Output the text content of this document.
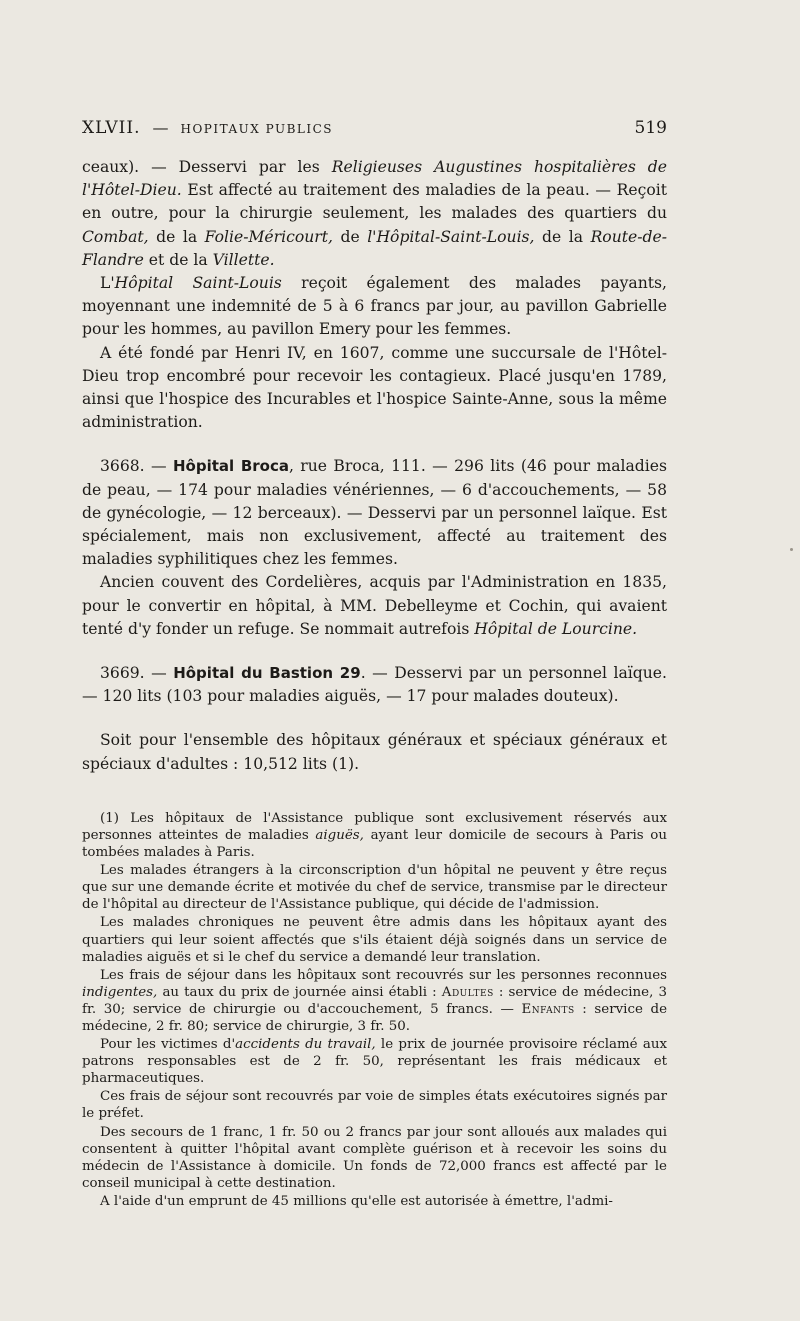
XLVII. — HOPITAUX PUBLICS	519

ceaux). — Desservi par les Religieuses Augustines hospitalières de l'Hôtel-Dieu. Est affecté au traitement des maladies de la peau. — Reçoit en outre, pour la chirurgie seulement, les malades des quartiers du Combat, de la Folie-Méricourt, de l'Hôpital-Saint-Louis, de la Route-de-Flandre et de la Villette.

L'Hôpital Saint-Louis reçoit également des malades payants, moyennant une indemnité de 5 à 6 francs par jour, au pavillon Gabrielle pour les hommes, au pavillon Emery pour les femmes.

A été fondé par Henri IV, en 1607, comme une succursale de l'Hôtel-Dieu trop encombré pour recevoir les contagieux. Placé jusqu'en 1789, ainsi que l'hospice des Incurables et l'hospice Sainte-Anne, sous la même administration.

3668. — Hôpital Broca, rue Broca, 111. — 296 lits (46 pour maladies de peau, — 174 pour maladies vénériennes, — 6 d'accouchements, — 58 de gynécologie, — 12 berceaux). — Desservi par un personnel laïque. Est spécialement, mais non exclusivement, affecté au traitement des maladies syphilitiques chez les femmes.

Ancien couvent des Cordelières, acquis par l'Administration en 1835, pour le convertir en hôpital, à MM. Debelleyme et Cochin, qui avaient tenté d'y fonder un refuge. Se nommait autrefois Hôpital de Lourcine.

3669. — Hôpital du Bastion 29. — Desservi par un personnel laïque. — 120 lits (103 pour maladies aiguës, — 17 pour malades douteux).

Soit pour l'ensemble des hôpitaux généraux et spéciaux généraux et spéciaux d'adultes : 10,512 lits (1).

(1) Les hôpitaux de l'Assistance publique sont exclusivement réservés aux personnes atteintes de maladies aiguës, ayant leur domicile de secours à Paris ou tombées malades à Paris.

Les malades étrangers à la circonscription d'un hôpital ne peuvent y être reçus que sur une demande écrite et motivée du chef de service, transmise par le directeur de l'hôpital au directeur de l'Assistance publique, qui décide de l'admission.

Les malades chroniques ne peuvent être admis dans les hôpitaux ayant des quartiers qui leur soient affectés que s'ils étaient déjà soignés dans un service de maladies aiguës et si le chef du service a demandé leur translation.

Les frais de séjour dans les hôpitaux sont recouvrés sur les personnes reconnues indigentes, au taux du prix de journée ainsi établi : Adultes : service de médecine, 3 fr. 30; service de chirurgie ou d'accouchement, 5 francs. — Enfants : service de médecine, 2 fr. 80; service de chirurgie, 3 fr. 50.

Pour les victimes d'accidents du travail, le prix de journée provisoire réclamé aux patrons responsables est de 2 fr. 50, représentant les frais médicaux et pharmaceutiques.

Ces frais de séjour sont recouvrés par voie de simples états exécutoires signés par le préfet.

Des secours de 1 franc, 1 fr. 50 ou 2 francs par jour sont alloués aux malades qui consentent à quitter l'hôpital avant complète guérison et à recevoir les soins du médecin de l'Assistance à domicile. Un fonds de 72,000 francs est affecté par le conseil municipal à cette destination.

A l'aide d'un emprunt de 45 millions qu'elle est autorisée à émettre, l'admi-
